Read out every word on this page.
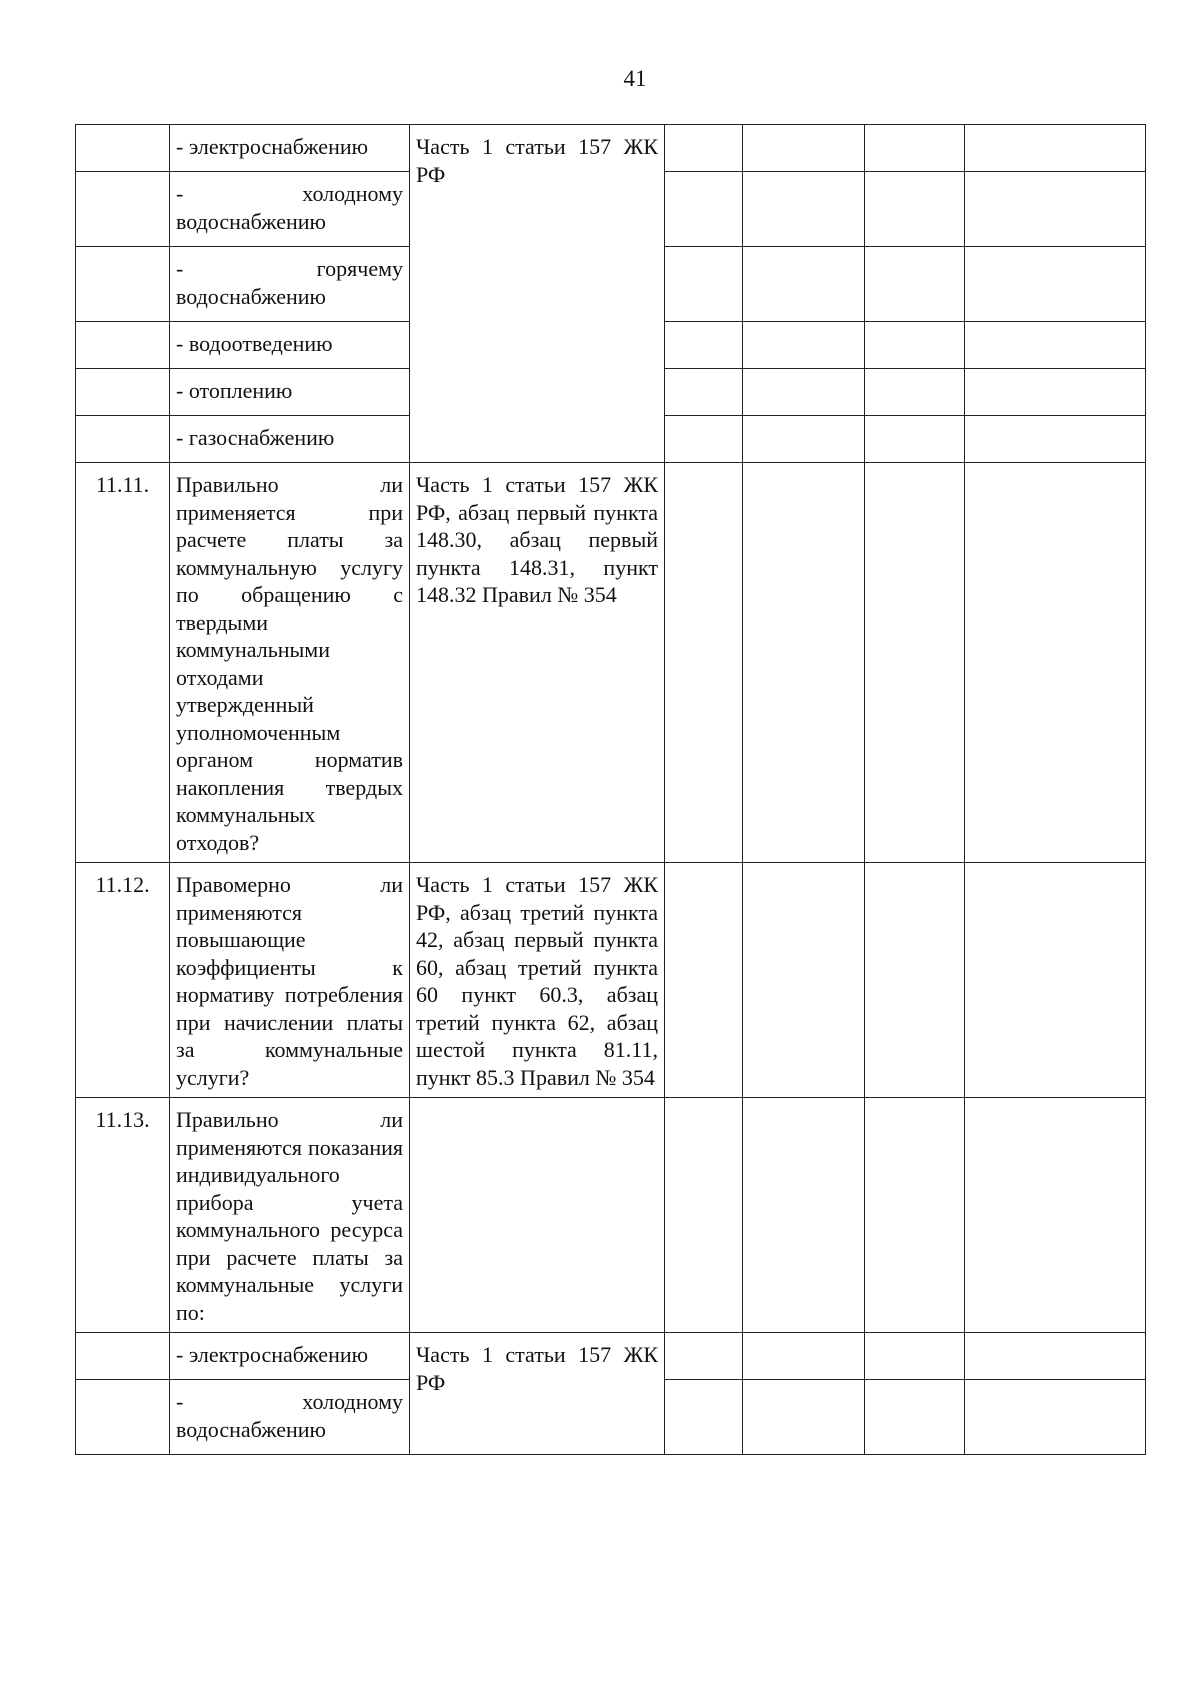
41
	- электроснабжению	Часть 1 статьи 157 ЖК РФ				
	- холодному водоснабжению					
	- горячему водоснабжению					
	- водоотведению					
	- отоплению					
	- газоснабжению					
11.11.	Правильно ли применяется при расчете платы за коммунальную услугу по обращению с твердыми коммунальными отходами утвержденный уполномоченным органом норматив накопления твердых коммунальных отходов?	Часть 1 статьи 157 ЖК РФ, абзац первый пункта 148.30, абзац первый пункта 148.31, пункт 148.32 Правил № 354				
11.12.	Правомерно ли применяются повышающие коэффициенты к нормативу потребления при начислении платы за коммунальные услуги?	Часть 1 статьи 157 ЖК РФ, абзац третий пункта 42, абзац первый пункта 60, абзац третий пункта 60 пункт 60.3, абзац третий пункта 62, абзац шестой пункта 81.11, пункт 85.3 Правил № 354				
11.13.	Правильно ли применяются показания индивидуального прибора учета коммунального ресурса при расчете платы за коммунальные услуги по:					
	- электроснабжению	Часть 1 статьи 157 ЖК РФ				
	- холодному водоснабжению					
